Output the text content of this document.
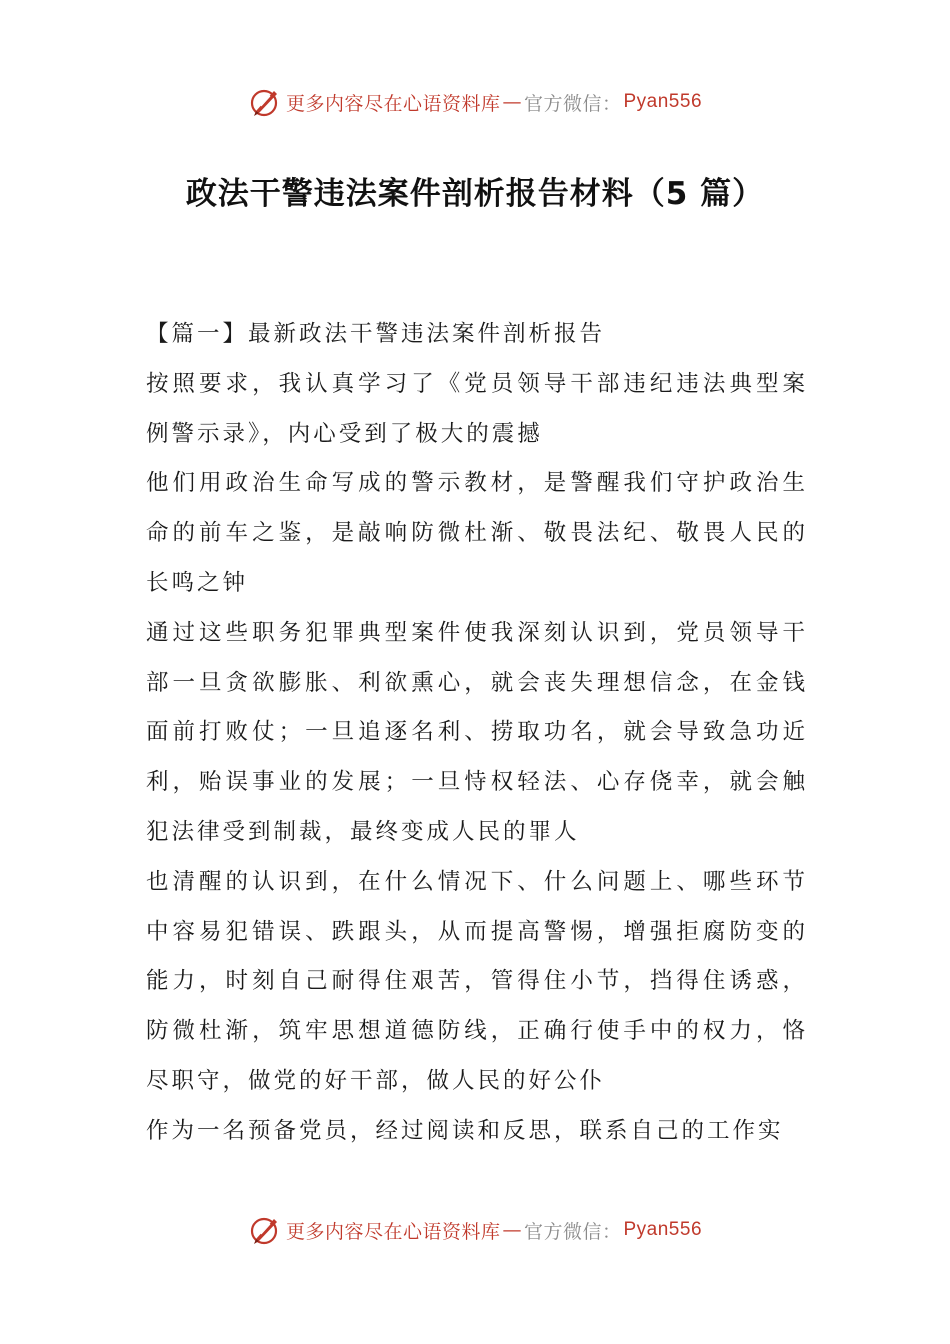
更多内容尽在心语资料库 — 官方微信： Pyan556
政法干警违法案件剖析报告材料（5 篇）

【篇一】最新政法干警违法案件剖析报告

按照要求，我认真学习了《党员领导干部违纪违法典型案例警示录》，内心受到了极大的震撼

他们用政治生命写成的警示教材，是警醒我们守护政治生命的前车之鉴，是敲响防微杜渐、敬畏法纪、敬畏人民的长鸣之钟

通过这些职务犯罪典型案件使我深刻认识到，党员领导干部一旦贪欲膨胀、利欲熏心，就会丧失理想信念，在金钱面前打败仗；一旦追逐名利、捞取功名，就会导致急功近利，贻误事业的发展；一旦恃权轻法、心存侥幸，就会触犯法律受到制裁，最终变成人民的罪人

也清醒的认识到，在什么情况下、什么问题上、哪些环节中容易犯错误、跌跟头，从而提高警惕，增强拒腐防变的能力，时刻自己耐得住艰苦，管得住小节，挡得住诱惑，防微杜渐，筑牢思想道德防线，正确行使手中的权力，恪尽职守，做党的好干部，做人民的好公仆

作为一名预备党员，经过阅读和反思，联系自己的工作实

更多内容尽在心语资料库 — 官方微信： Pyan556
